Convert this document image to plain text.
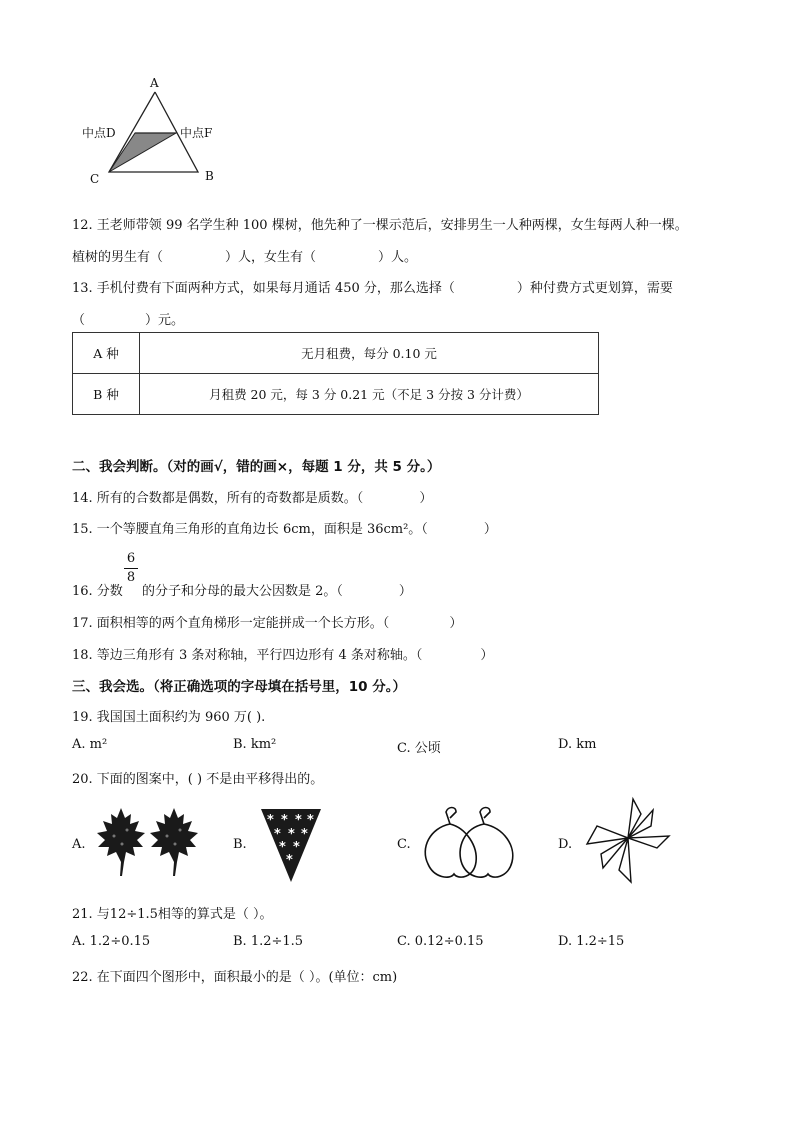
A
中点D	中点F
C	B
12. 王老师带领 99 名学生种 100 棵树，他先种了一棵示范后，安排男生一人种两棵，女生每两人种一棵。
植树的男生有（	）人，女生有（	）人。
13. 手机付费有下面两种方式，如果每月通话 450 分，那么选择（	）种付费方式更划算，需要
（	）元。
A 种	无月租费，每分 0.10 元
B 种	月租费 20 元，每 3 分 0.21 元（不足 3 分按 3 分计费）
二、我会判断。（对的画√，错的画×，每题 1 分，共 5 分。）
14. 所有的合数都是偶数，所有的奇数都是质数。（	）
15. 一个等腰直角三角形的直角边长 6cm，面积是 36cm²。（	）
16. 分数
6
8
的分子和分母的最大公因数是 2。（	）
17. 面积相等的两个直角梯形一定能拼成一个长方形。（	）
18. 等边三角形有 3 条对称轴，平行四边形有 4 条对称轴。（	）
三、我会选。（将正确选项的字母填在括号里，10 分。）
19. 我国国土面积约为 960 万( ).
A. m²	B. km²	C. 公顷	D. km
20. 下面的图案中，( ) 不是由平移得出的。
A.	B.	C.	D.
* * * *
* * *
* *
*
21. 与12÷1.5相等的算式是（ ）。
A. 1.2÷0.15	B. 1.2÷1.5	C. 0.12÷0.15	D. 1.2÷15
22. 在下面四个图形中，面积最小的是（ ）。(单位：cm)
